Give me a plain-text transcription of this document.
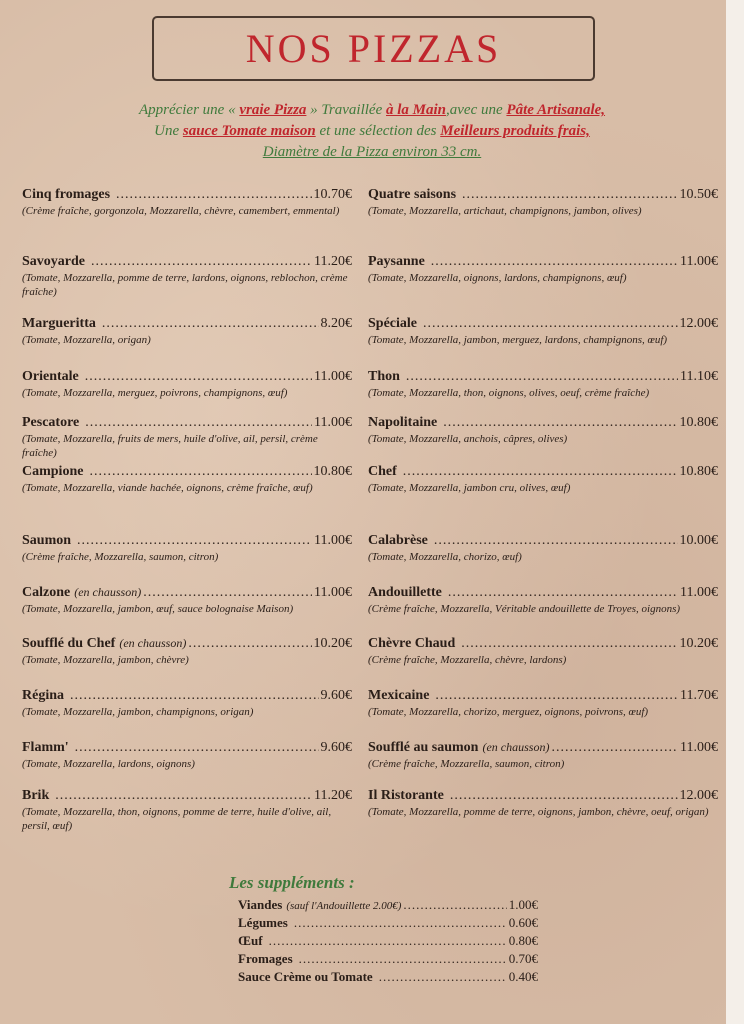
NOS PIZZAS
Apprécier une « vraie Pizza » Travaillée à la Main,avec une Pâte Artisanale,
Une sauce Tomate maison et une sélection des Meilleurs produits frais,
Diamètre de la Pizza environ 33 cm.
Cinq fromages .....	10.70€
(Crème fraîche, gorgonzola, Mozzarella, chèvre, camembert, emmental)
Savoyarde .....	11.20€
(Tomate, Mozzarella, pomme de terre, lardons, oignons, reblochon, crème fraîche)
Margueritta .....	8.20€
(Tomate, Mozzarella, origan)
Orientale .....	11.00€
(Tomate, Mozzarella, merguez, poivrons, champignons, œuf)
Pescatore .....	11.00€
(Tomate, Mozzarella, fruits de mers, huile d'olive, ail, persil, crème fraîche)
Campione .....	10.80€
(Tomate, Mozzarella, viande hachée, oignons, crème fraîche, œuf)
Saumon .....	11.00€
(Crème fraîche, Mozzarella, saumon, citron)
Calzone (en chausson) .....	11.00€
(Tomate, Mozzarella, jambon, œuf, sauce bolognaise Maison)
Soufflé du Chef (en chausson) .....	10.20€
(Tomate, Mozzarella, jambon, chèvre)
Régina .....	9.60€
(Tomate, Mozzarella, jambon, champignons, origan)
Flamm' .....	9.60€
(Tomate, Mozzarella, lardons, oignons)
Brik .....	11.20€
(Tomate, Mozzarella, thon, oignons, pomme de terre, huile d'olive, ail, persil, œuf)
Quatre saisons .....	10.50€
(Tomate, Mozzarella, artichaut, champignons, jambon, olives)
Paysanne .....	11.00€
(Tomate, Mozzarella, oignons, lardons, champignons, œuf)
Spéciale .....	12.00€
(Tomate, Mozzarella, jambon, merguez, lardons, champignons, œuf)
Thon .....	11.10€
(Tomate, Mozzarella, thon, oignons, olives, oeuf, crème fraîche)
Napolitaine .....	10.80€
(Tomate, Mozzarella, anchois, câpres, olives)
Chef .....	10.80€
(Tomate, Mozzarella, jambon cru, olives, œuf)
Calabrèse .....	10.00€
(Tomate, Mozzarella, chorizo, œuf)
Andouillette .....	11.00€
(Crème fraîche, Mozzarella, Véritable andouillette de Troyes, oignons)
Chèvre Chaud .....	10.20€
(Crème fraîche, Mozzarella, chèvre, lardons)
Mexicaine .....	11.70€
(Tomate, Mozzarella, chorizo, merguez, oignons, poivrons, œuf)
Soufflé au saumon (en chausson) .....	11.00€
(Crème fraîche, Mozzarella, saumon, citron)
Il Ristorante .....	12.00€
(Tomate, Mozzarella, pomme de terre, oignons, jambon, chèvre, oeuf, origan)
Les suppléments :
Viandes (sauf l'Andouillette 2.00€) .....	1.00€
Légumes .....	0.60€
Œuf .....	0.80€
Fromages .....	0.70€
Sauce Crème ou Tomate .....	0.40€
